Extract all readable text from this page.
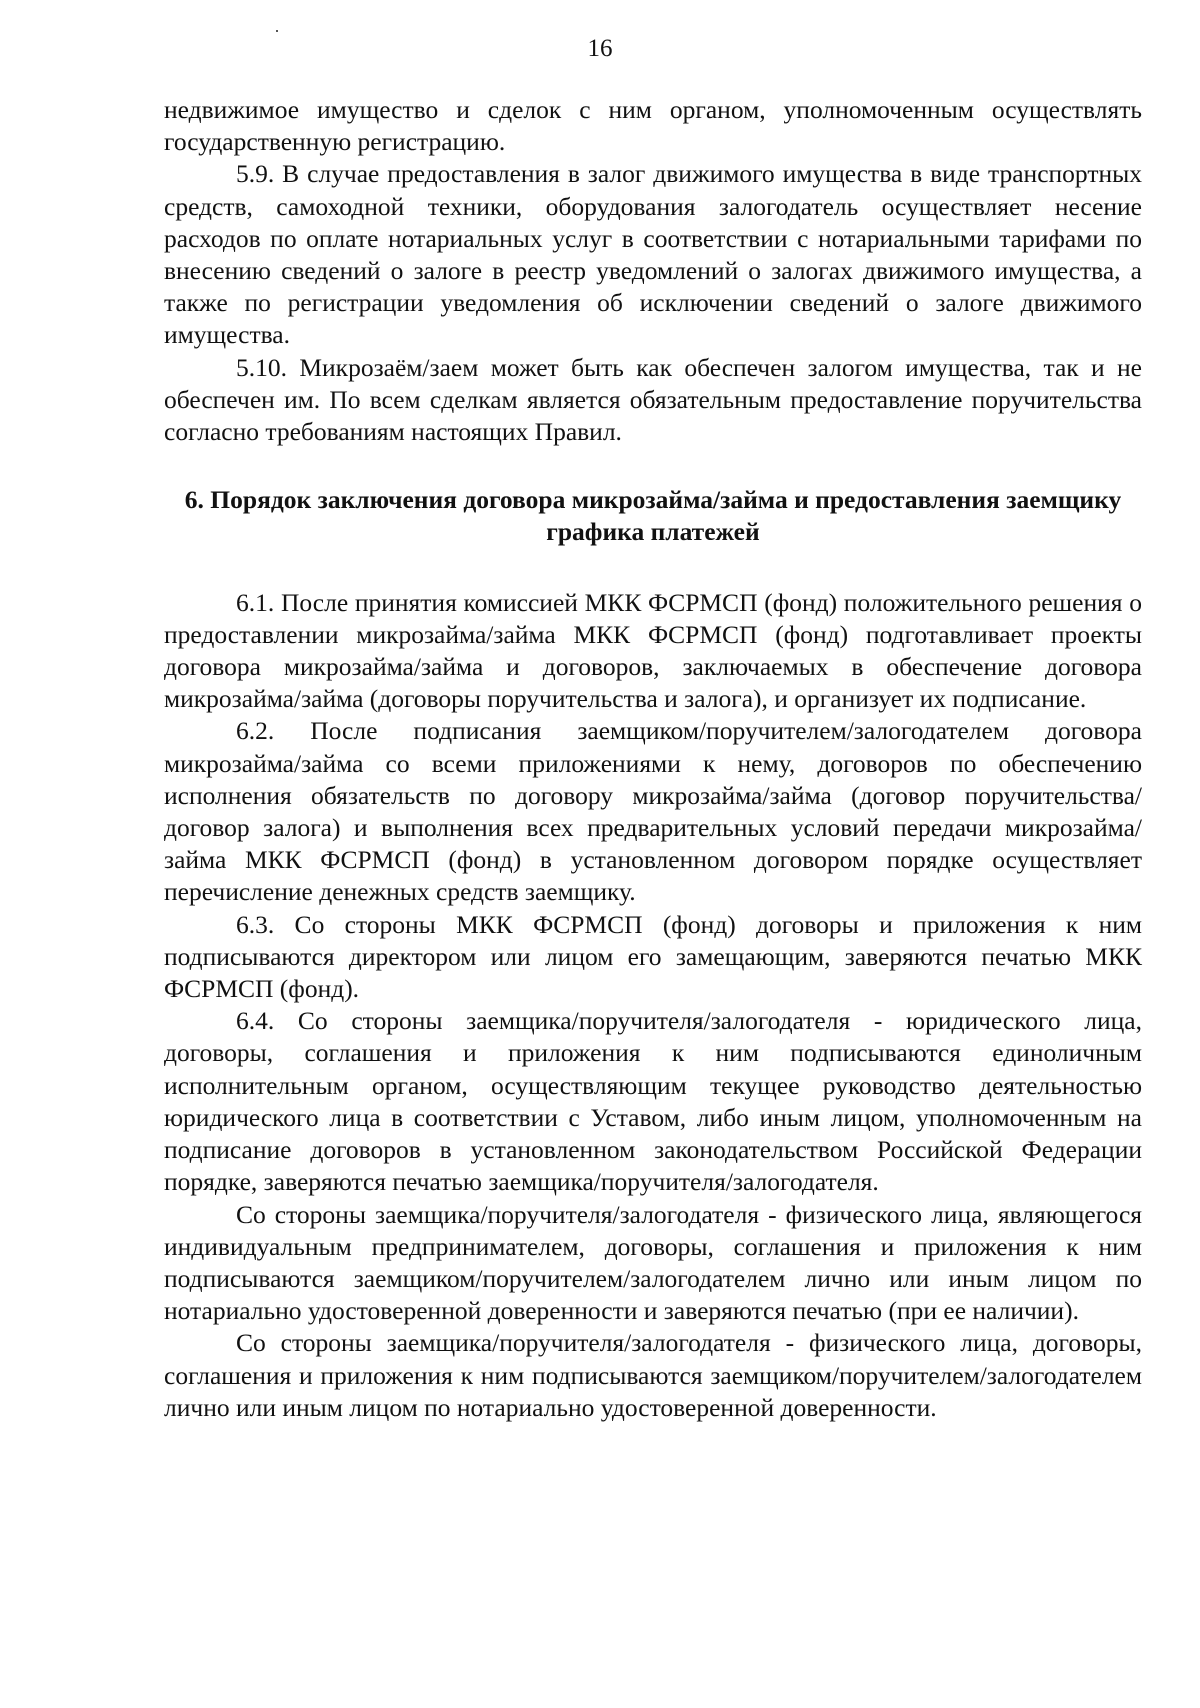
16

недвижимое имущество и сделок с ним органом, уполномоченным осуществлять государственную регистрацию.

5.9. В случае предоставления в залог движимого имущества в виде транспортных средств, самоходной техники, оборудования залогодатель осуществляет несение расходов по оплате нотариальных услуг в соответствии с нотариальными тарифами по внесению сведений о залоге в реестр уведомлений о залогах движимого имущества, а также по регистрации уведомления об исключении сведений о залоге движимого имущества.

5.10. Микрозаём/заем может быть как обеспечен залогом имущества, так и не обеспечен им. По всем сделкам является обязательным предоставление поручительства согласно требованиям настоящих Правил.

6. Порядок заключения договора микрозайма/займа и предоставления заемщику графика платежей

6.1. После принятия комиссией МКК ФСРМСП (фонд) положительного решения о предоставлении микрозайма/займа МКК ФСРМСП (фонд) подготавливает проекты договора микрозайма/займа и договоров, заключаемых в обеспечение договора микрозайма/займа (договоры поручительства и залога), и организует их подписание.

6.2. После подписания заемщиком/поручителем/залогодателем договора микрозайма/займа со всеми приложениями к нему, договоров по обеспечению исполнения обязательств по договору микрозайма/займа (договор поручительства/договор залога) и выполнения всех предварительных условий передачи микрозайма/займа МКК ФСРМСП (фонд) в установленном договором порядке осуществляет перечисление денежных средств заемщику.

6.3. Со стороны МКК ФСРМСП (фонд) договоры и приложения к ним подписываются директором или лицом его замещающим, заверяются печатью МКК ФСРМСП (фонд).

6.4. Со стороны заемщика/поручителя/залогодателя - юридического лица, договоры, соглашения и приложения к ним подписываются единоличным исполнительным органом, осуществляющим текущее руководство деятельностью юридического лица в соответствии с Уставом, либо иным лицом, уполномоченным на подписание договоров в установленном законодательством Российской Федерации порядке, заверяются печатью заемщика/поручителя/залогодателя.

Со стороны заемщика/поручителя/залогодателя - физического лица, являющегося индивидуальным предпринимателем, договоры, соглашения и приложения к ним подписываются заемщиком/поручителем/залогодателем лично или иным лицом по нотариально удостоверенной доверенности и заверяются печатью (при ее наличии).

Со стороны заемщика/поручителя/залогодателя - физического лица, договоры, соглашения и приложения к ним подписываются заемщиком/поручителем/залогодателем лично или иным лицом по нотариально удостоверенной доверенности.
